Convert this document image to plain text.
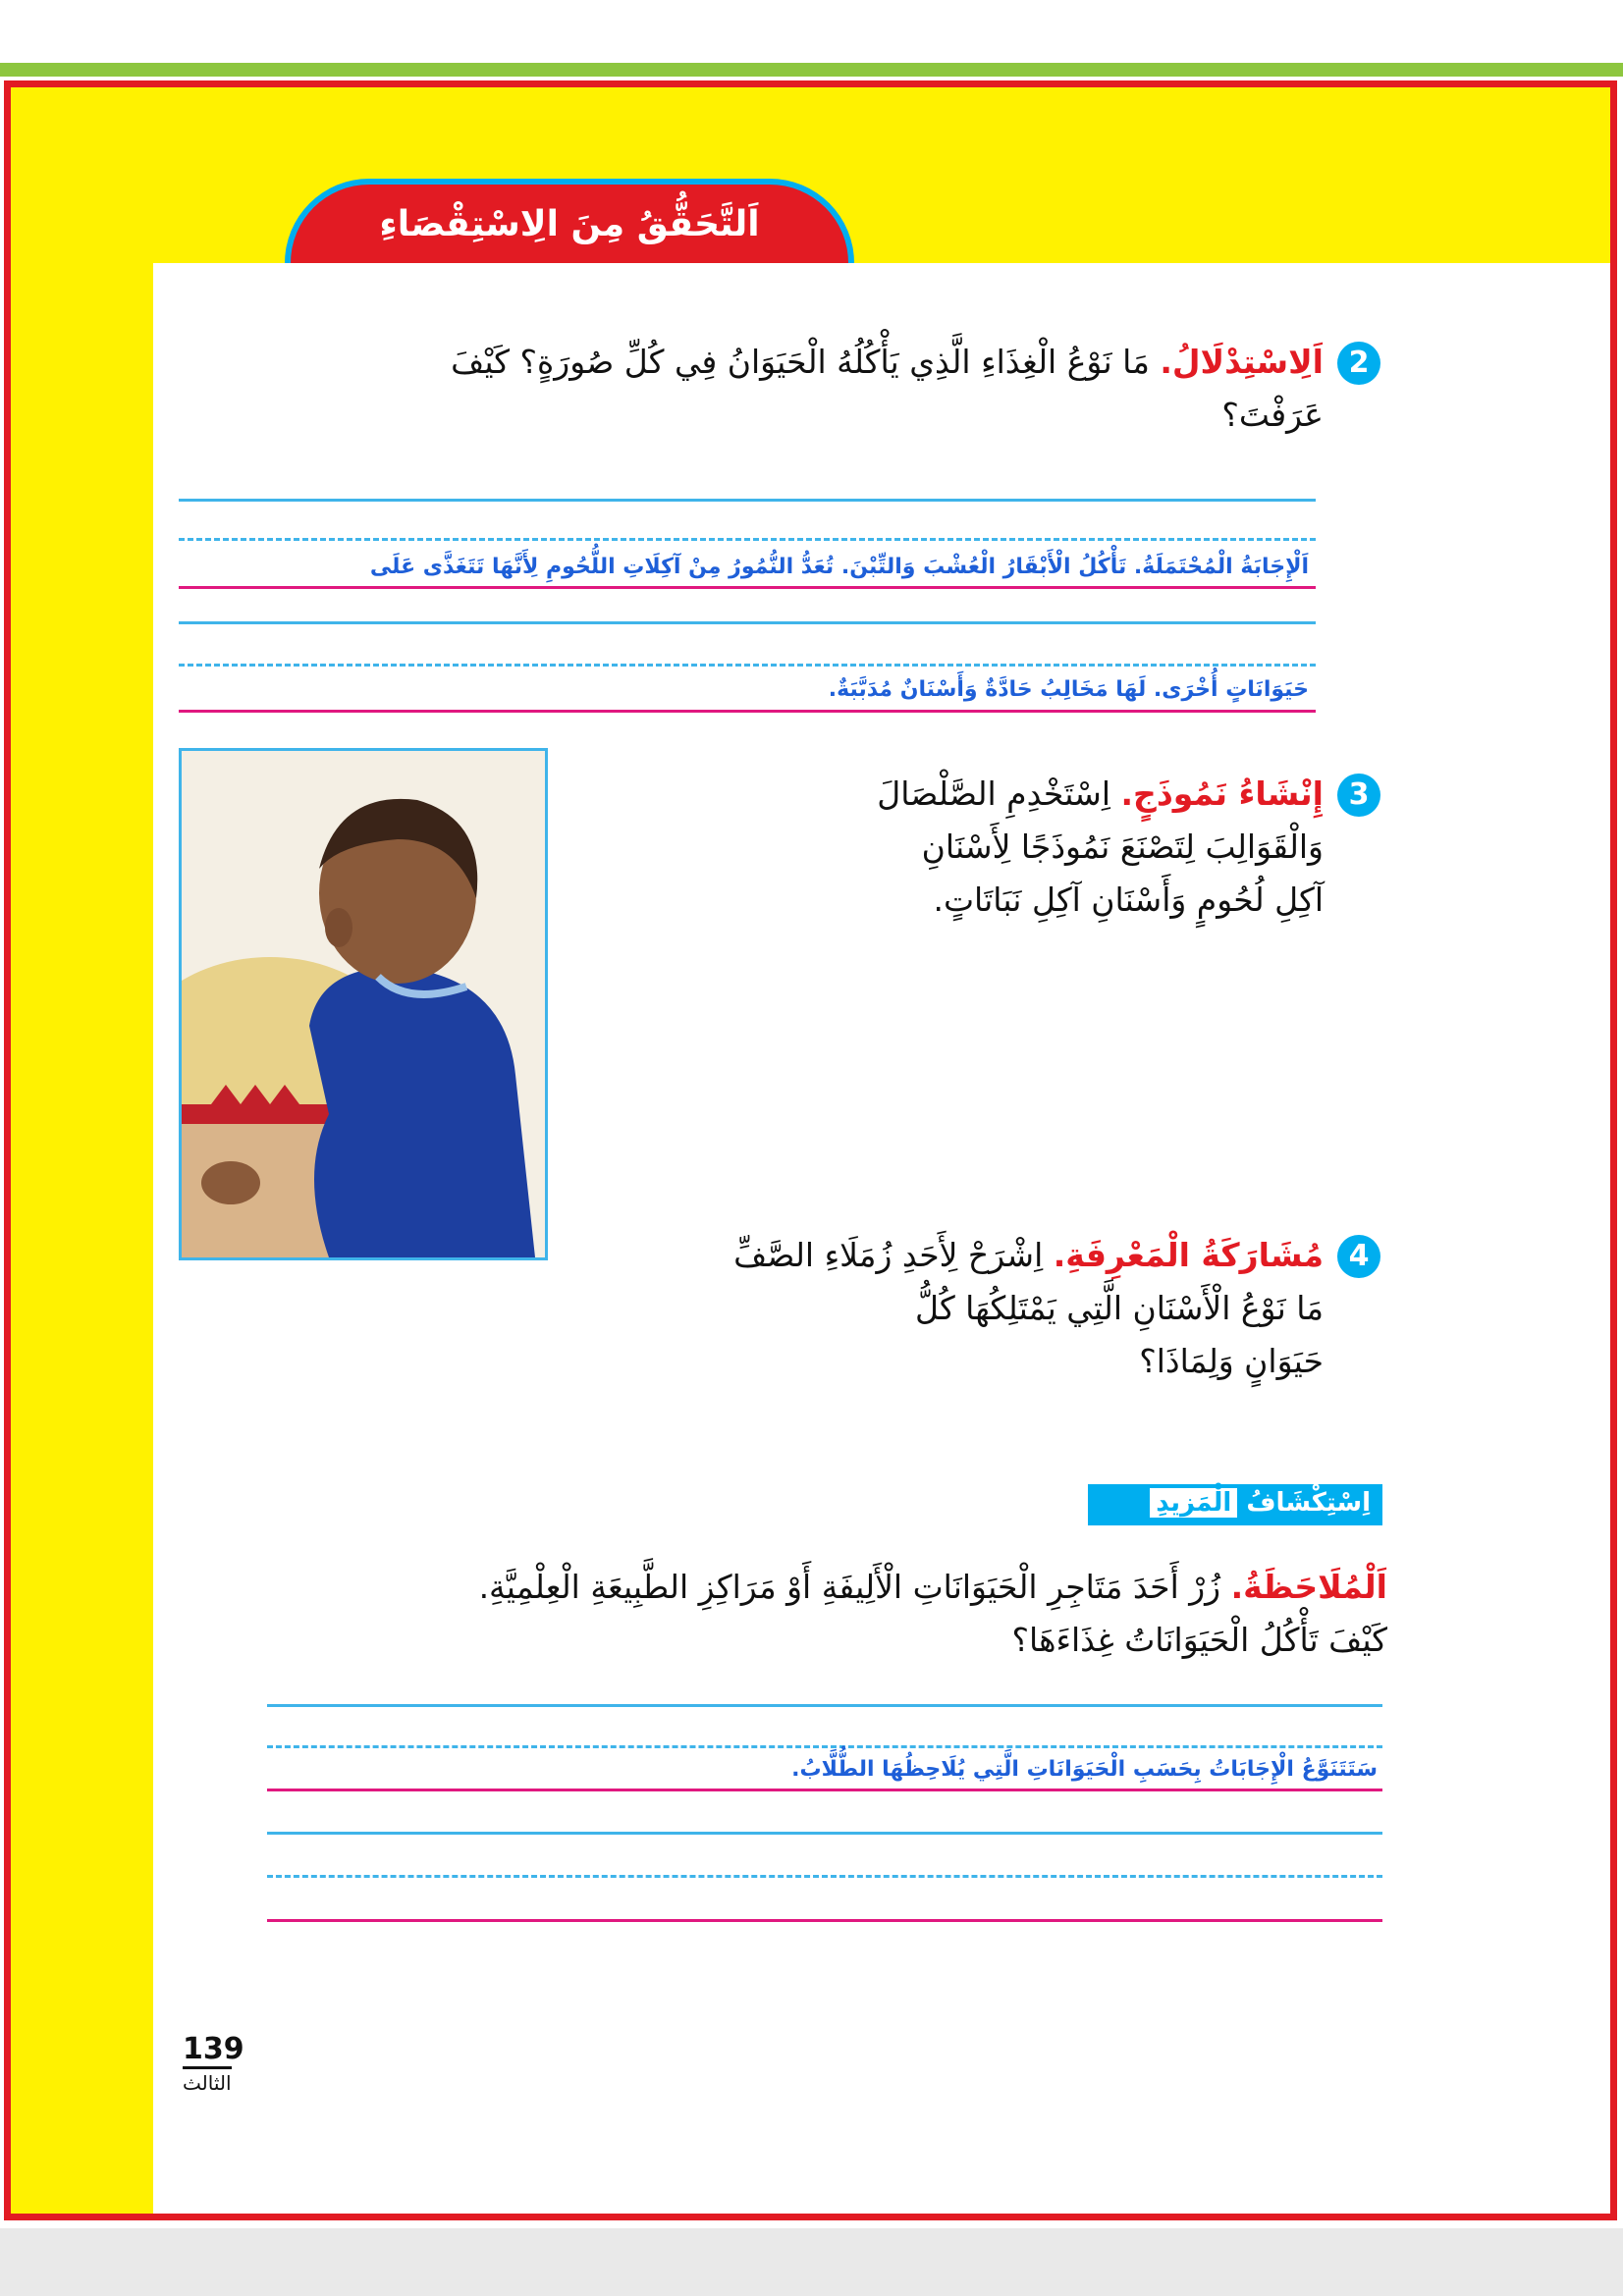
اَلتَّحَقُّقُ مِنَ الِاسْتِقْصَاءِ
2
اَلِاسْتِدْلَالُ. مَا نَوْعُ الْغِذَاءِ الَّذِي يَأْكُلُهُ الْحَيَوَانُ فِي كُلِّ صُورَةٍ؟ كَيْفَ
عَرَفْتَ؟
اَلْإِجَابَةُ الْمُحْتَمَلَةُ. تَأْكُلُ الْأَبْقَارُ الْعُشْبَ وَالتِّبْنَ. تُعَدُّ النُّمُورُ مِنْ آكِلَاتِ اللُّحُومِ لِأَنَّهَا تَتَغَذَّى عَلَى
حَيَوَانَاتٍ أُخْرَى. لَهَا مَخَالِبُ حَادَّةٌ وَأَسْنَانٌ مُدَبَّبَةٌ.
3
إِنْشَاءُ نَمُوذَجٍ. اِسْتَخْدِمِ الصَّلْصَالَ
وَالْقَوَالِبَ لِتَصْنَعَ نَمُوذَجًا لِأَسْنَانِ
آكِلِ لُحُومٍ وَأَسْنَانِ آكِلِ نَبَاتَاتٍ.
4
مُشَارَكَةُ الْمَعْرِفَةِ. اِشْرَحْ لِأَحَدِ زُمَلَاءِ الصَّفِّ
مَا نَوْعُ الْأَسْنَانِ الَّتِي يَمْتَلِكُهَا كُلُّ
حَيَوَانٍ وَلِمَاذَا؟
اِسْتِكْشَافُ الْمَزِيدِ
اَلْمُلَاحَظَةُ. زُرْ أَحَدَ مَتَاجِرِ الْحَيَوَانَاتِ الْأَلِيفَةِ أَوْ مَرَاكِزِ الطَّبِيعَةِ الْعِلْمِيَّةِ.
كَيْفَ تَأْكُلُ الْحَيَوَانَاتُ غِذَاءَهَا؟
سَتَتَنَوَّعُ الْإِجَابَاتُ بِحَسَبِ الْحَيَوَانَاتِ الَّتِي يُلَاحِظُهَا الطُّلَّابُ.
139
الثالث
